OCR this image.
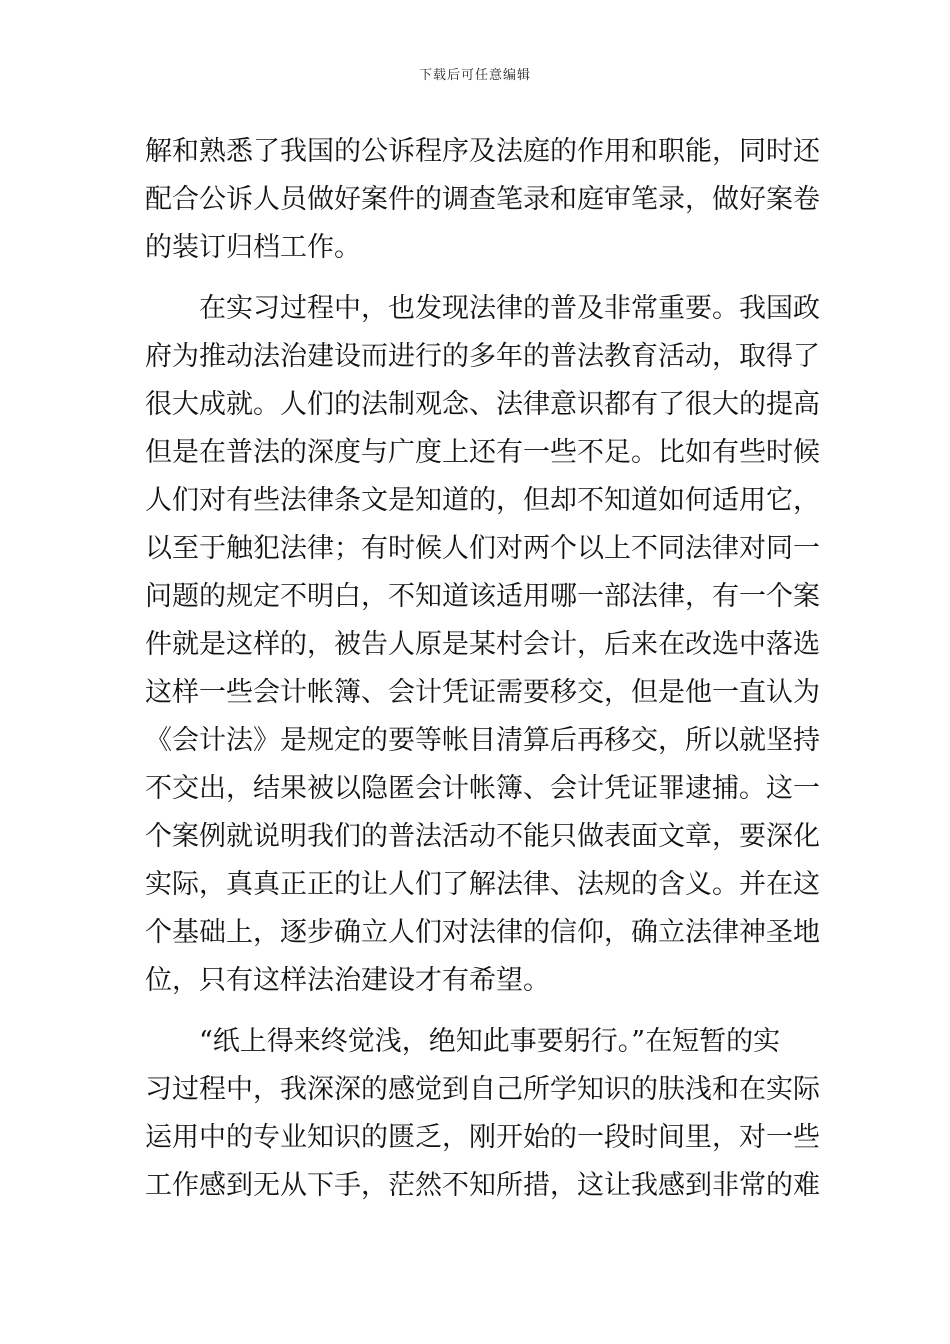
下载后可任意编辑
解和熟悉了我国的公诉程序及法庭的作用和职能，同时还
配合公诉人员做好案件的调查笔录和庭审笔录，做好案卷
的装订归档工作。
在实习过程中，也发现法律的普及非常重要。我国政
府为推动法治建设而进行的多年的普法教育活动，取得了
很大成就。人们的法制观念、法律意识都有了很大的提高
但是在普法的深度与广度上还有一些不足。比如有些时候
人们对有些法律条文是知道的，但却不知道如何适用它，
以至于触犯法律；有时候人们对两个以上不同法律对同一
问题的规定不明白，不知道该适用哪一部法律，有一个案
件就是这样的，被告人原是某村会计，后来在改选中落选
这样一些会计帐簿、会计凭证需要移交，但是他一直认为
《会计法》是规定的要等帐目清算后再移交，所以就坚持
不交出，结果被以隐匿会计帐簿、会计凭证罪逮捕。这一
个案例就说明我们的普法活动不能只做表面文章，要深化
实际，真真正正的让人们了解法律、法规的含义。并在这
个基础上，逐步确立人们对法律的信仰，确立法律神圣地
位，只有这样法治建设才有希望。
“纸上得来终觉浅，绝知此事要躬行。”在短暂的实
习过程中，我深深的感觉到自己所学知识的肤浅和在实际
运用中的专业知识的匮乏，刚开始的一段时间里，对一些
工作感到无从下手，茫然不知所措，这让我感到非常的难
